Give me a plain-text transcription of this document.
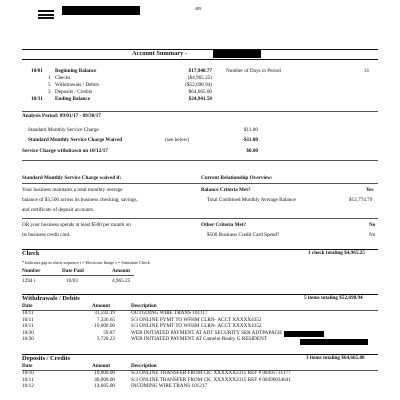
489
Account Summary -
Number of Days in Period	31
10/01 Beginning Balance	$17,940.77
1 Checks	($4,965.25)
5 Withdrawals / Debits	($52,698.94)
3 Deposits / Credits	$64,665.00
10/31 Ending Balance	$24,941.58
Analysis Period: 09/01/17 - 09/30/17
Standard Monthly Service Charge	$11.00
Standard Monthly Service Charge Waived	(see below)	-$11.00
Service Charge withdrawn on 10/12/17	$0.00
Standard Monthly Service Charge waived if:	Current Relationship Overview:
Your business maintains a total monthly average
balance of $3,500 across its business checking, savings,
and certificate of deposit accounts.
Balance Criteria Met?	Yes
Total Combined Monthly Average Balance	$12,774.79
OR your business spends at least $500 per month on
its business credit card.
Other Criteria Met?	No
$500 Business Credit Card Spend?	No
Check	1 check totaling $4,965.25
* Indicates gap in check sequence i = Electronic Image s = Substitute Check
Number	Date Paid	Amount
1294 i	10/03	4,965.25
Withdrawals / Debits	5 items totaling $52,698.94
Date	Amount	Description
10/11	31,592.19	OUTGOING WIRE TRANS 101117
10/11	7,326.65	S/3 ONLINE PYMT TO WFHM CLRN- ACCT XXXXX4352
10/11	10,000.00	S/3 ONLINE PYMT TO WFHM CLRN- ACCT XXXXX4352
10/30	59.87	WEB INITIATED PAYMENT AT ADT SECURITY SER ADTPAPACH
10/30	3,720.23	WEB INITIATED PAYMENT AT Camelot Realty G RESIDENT
Deposits / Credits	3 items totaling $64,665.00
Date	Amount	Description
10/10	10,000.00	S/3 ONLINE TRANSFER FROM CK: XXXXXX2315 REF # 00495731177
10/11	40,000.00	S/3 ONLINE TRANSFER FROM CK: XXXXXX2315 REF # 00496034641
10/12	14,665.00	INCOMING WIRE TRANS 101217
